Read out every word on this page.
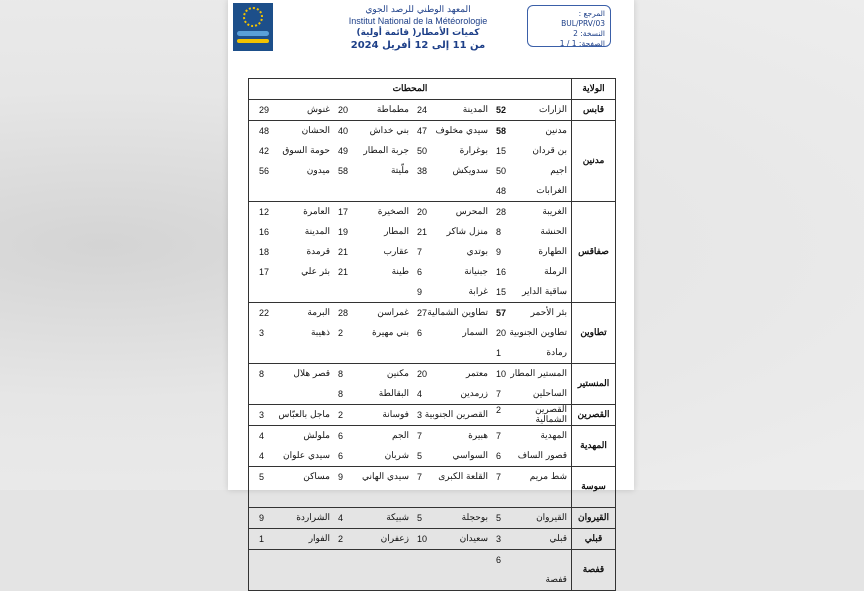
المعهد الوطني للرصد الجوي
Institut National de la Météorologie
كميات الأمطار( قائمة أولية)
من 11 إلى 12 أفريل 2024
المرجع : BUL/PRV/03
النسخة: 2
الصفحة: 1 / 1
الولاية
المحطات
قابس
الزارات
52
المدينة
24
مطماطة
20
غنوش
29
مدنين
مدنين
58
سيدي مخلوف
47
بني خداش
40
الحشان
48
بن قردان
15
بوغرارة
50
جربة المطار
49
حومة السوق
42
اجيم
50
سدويكش
38
ملّيتة
58
ميدون
56
الغرابات
48
صفاقس
الغريبة
28
المحرس
20
الصخيرة
17
العامرة
12
الحنشة
8
منزل شاكر
21
المطار
19
المدينة
16
الطهارة
9
بوتدي
7
عقارب
21
قرمدة
18
الرملة
16
جبنيانة
6
طينة
21
بئر علي
17
ساقية الداير
15
غرابة
9
تطاوين
بئر الأحمر
57
تطاوين الشمالية
27
غمراسن
28
البرمة
22
تطاوين الجنوبية
20
السمار
6
بني مهيرة
2
ذهيبة
3
رمادة
1
المنستير
المستير المطار
10
معتمر
20
مكنين
8
قصر هلال
8
الساحلين
7
زرمدين
4
البقالطة
8
القصرين
القصرين الشمالية
2
القصرين الجنوبية
3
فوسانة
2
ماجل بالعبّاس
3
المهدية
المهدية
7
هبيرة
7
الجم
6
ملولش
4
قصور الساف
6
السواسي
5
شربان
6
سيدي علوان
4
سوسة
شط مريم
7
القلعة الكبرى
7
سيدي الهاني
9
مساكن
5
القيروان
القيروان
5
بوحجلة
5
شبيكة
4
الشراردة
9
قبلي
قبلي
3
سعيدان
10
زعفران
2
الفوار
1
قفصة
6
قفصة
